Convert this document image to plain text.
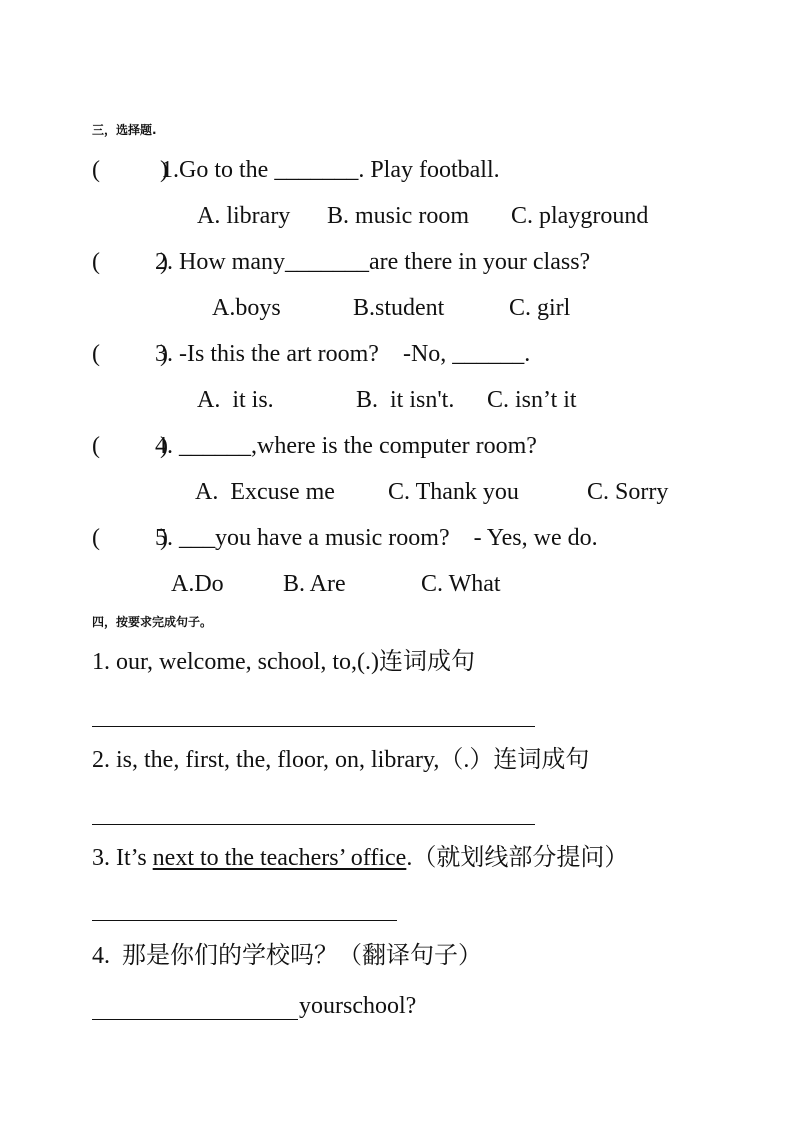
三，选择题.
(          )
1.Go to the _______. Play football.
A. library B. music room C. playground
(          )
2. How many_______are there in your class?
A.boys	B.student	C. girl
(          )
3. -Is this the art room?    -No, ______.
A.  it is.	B.  it isn't. C. isn’t it
(          )
4. ______,where is the computer room?
A.  Excuse me C. Thank you	C. Sorry
(          )
5. ___you have a music room?    - Yes, we do.
A.Do B. Are	C. What
四，按要求完成句子。
1. our, welcome, school, to,(.)连词成句
2. is, the, first, the, floor, on, library,（.）连词成句
3. It’s next to the teachers’ office.（就划线部分提问）
4.  那是你们的学校吗？（翻译句子）
yourschool?
